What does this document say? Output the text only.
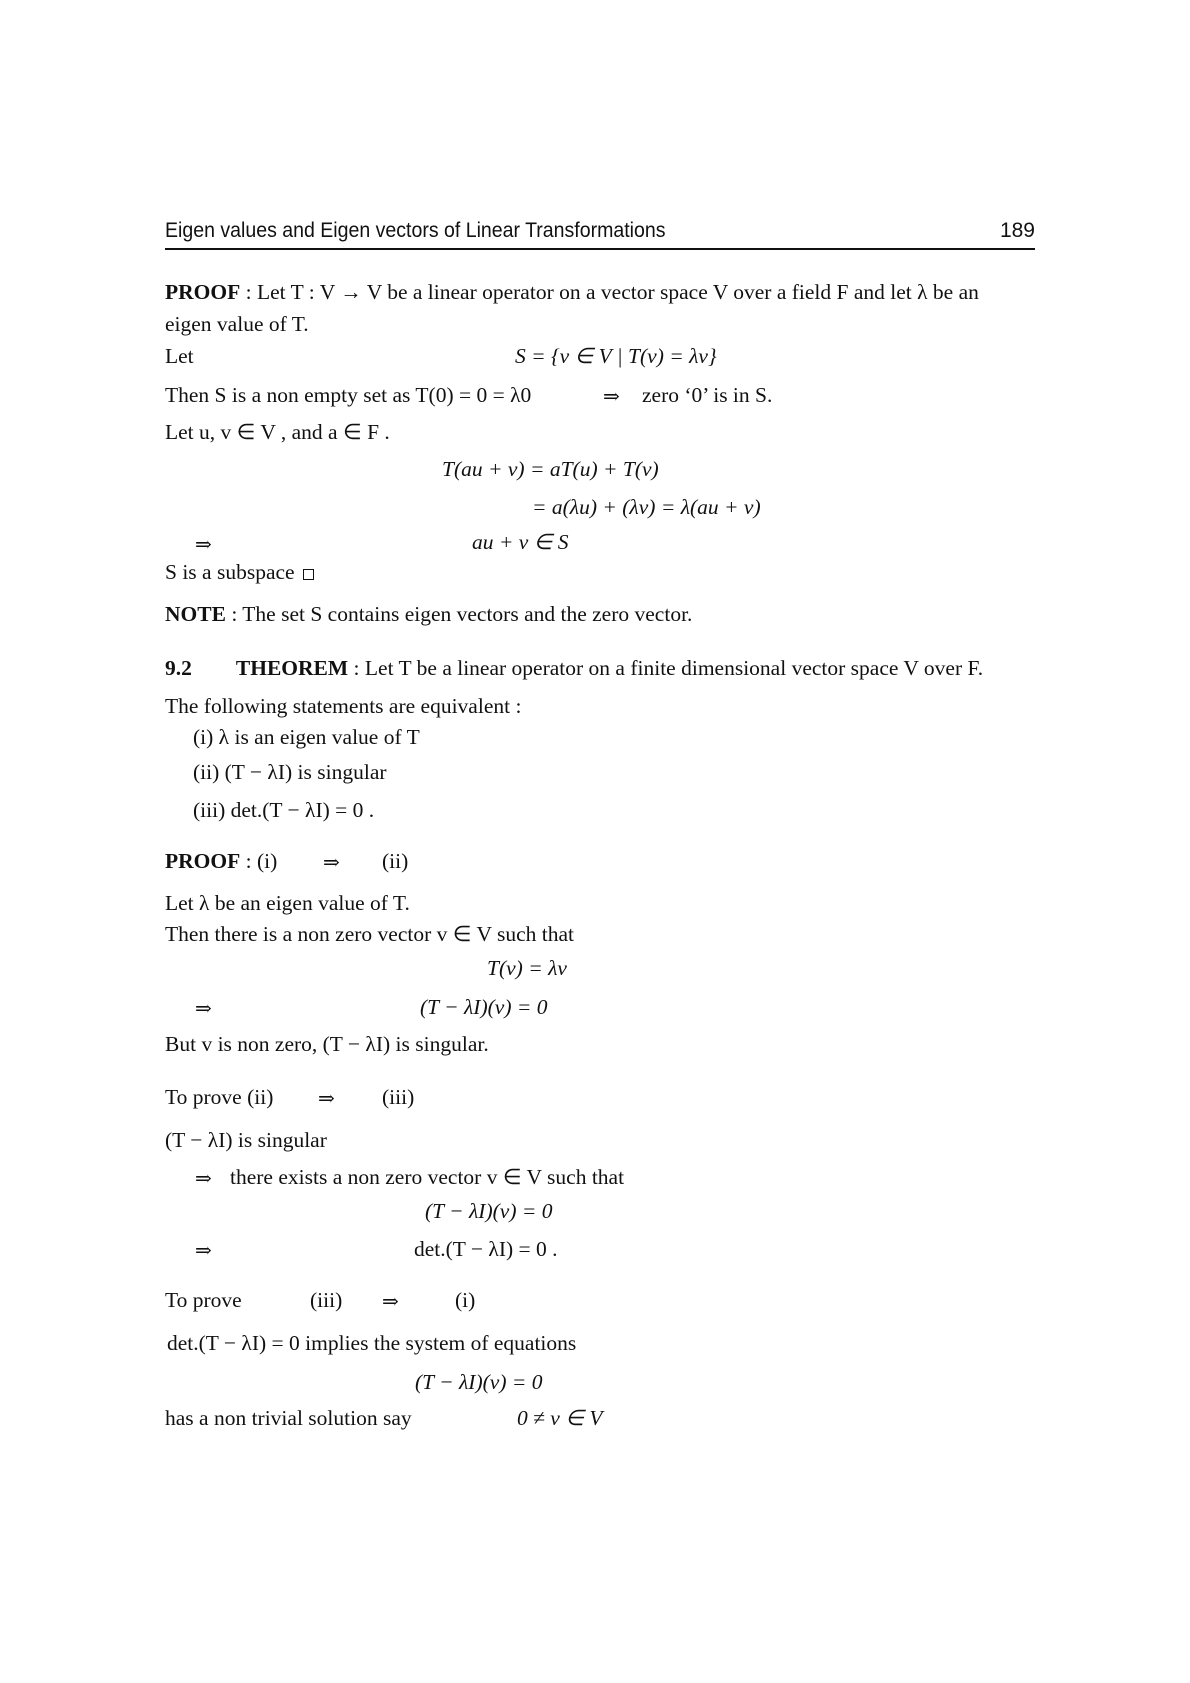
Eigen values and Eigen vectors of Linear Transformations	189
PROOF : Let T : V → V be a linear operator on a vector space V over a field F and let λ be an
eigen value of T.
Let	S = {v ∈ V | T(v) = λv}
Then S is a non empty set as T(0) = 0 = λ0	⇒ zero ‘0’ is in S.
Let u, v ∈ V , and a ∈ F .
T(au + v) = aT(u) + T(v)
= a(λu) + (λv) = λ(au + v)
⇒	au + v ∈ S
S is a subspace
NOTE : The set S contains eigen vectors and the zero vector.
9.2 THEOREM : Let T be a linear operator on a finite dimensional vector space V over F.
The following statements are equivalent :
(i) λ is an eigen value of T
(ii) (T − λI) is singular
(iii) det.(T − λI) = 0 .
PROOF : (i) ⇒ (ii)
Let λ be an eigen value of T.
Then there is a non zero vector v ∈ V such that
T(v) = λv
⇒	(T − λI)(v) = 0
But v is non zero, (T − λI) is singular.
To prove (ii) ⇒ (iii)
(T − λI) is singular
⇒ there exists a non zero vector v ∈ V such that
(T − λI)(v) = 0
⇒	det.(T − λI) = 0 .
To prove	(iii) ⇒	(i)
det.(T − λI) = 0 implies the system of equations
(T − λI)(v) = 0
has a non trivial solution say	0 ≠ v ∈ V
